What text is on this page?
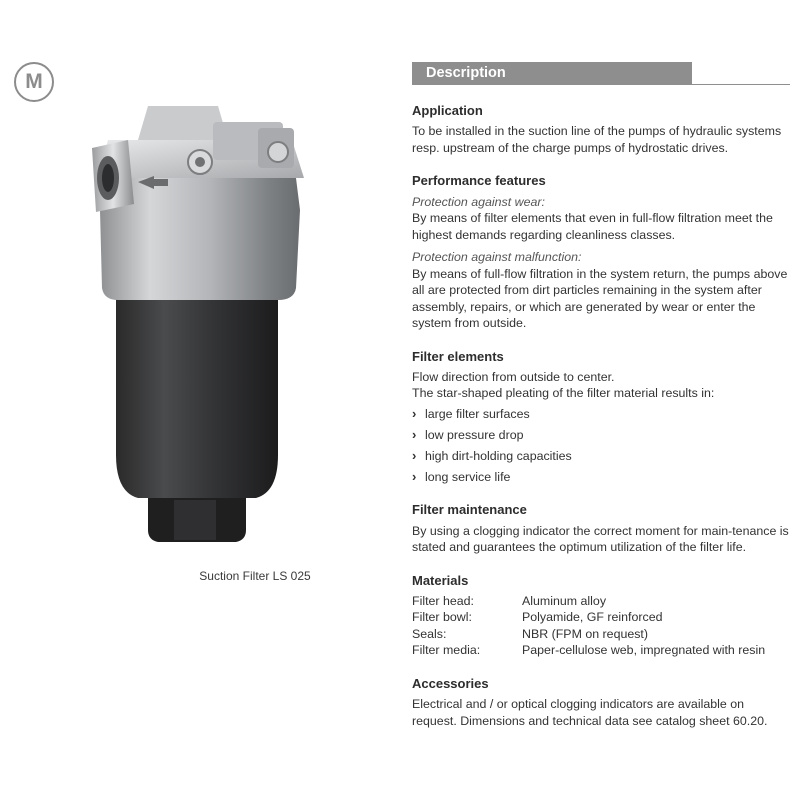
M
Suction Filter LS 025
Description
Application

To be installed in the suction line of the pumps of hydraulic systems resp. upstream of the charge pumps of hydrostatic drives.

Performance features

Protection against wear:

By means of filter elements that even in full-flow filtration meet the highest demands regarding cleanliness classes.

Protection against malfunction:

By means of full-flow filtration in the system return, the pumps above all are protected from dirt particles remaining in the system after assembly, repairs, or which are generated by wear or enter the system from outside.

Filter elements

Flow direction from outside to center.

The star-shaped pleating of the filter material results in:

› large filter surfaces
› low pressure drop
› high dirt-holding capacities
› long service life
Filter maintenance

By using a clogging indicator the correct moment for main-tenance is stated and guarantees the optimum utilization of the filter life.

Materials
Filter head:	Aluminum alloy
Filter bowl:	Polyamide, GF reinforced
Seals:	NBR (FPM on request)
Filter media:	Paper-cellulose web, impregnated with resin
Accessories

Electrical and / or optical clogging indicators are available on request. Dimensions and technical data see catalog sheet 60.20.
